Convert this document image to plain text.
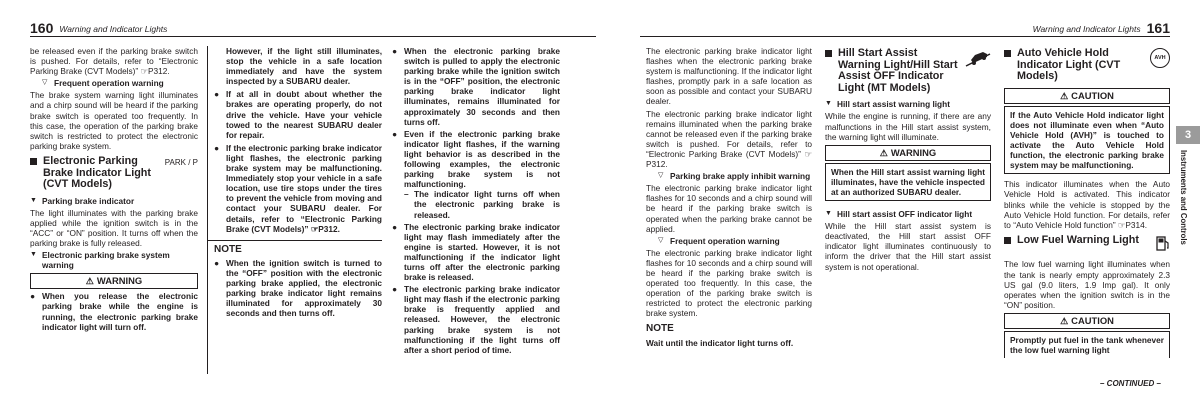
160 Warning and Indicator Lights

be released even if the parking brake switch is pushed. For details, refer to “Electronic Parking Brake (CVT Models)” ☞P312.

▽ Frequent operation warning

The brake system warning light illuminates and a chirp sound will be heard if the parking brake switch is operated too frequently. In this case, the operation of the parking brake switch is restricted to protect the electronic parking brake system.

Electronic Parking Brake Indicator Light (CVT Models)
PARK / P
▼ Parking brake indicator

The light illuminates with the parking brake applied while the ignition switch is in the “ACC” or “ON” position. It turns off when the parking brake is fully released.

▼ Electronic parking brake system warning
⚠ WARNING
● When you release the electronic parking brake while the engine is running, the electronic parking brake indicator light will turn off.
However, if the light still illuminates, stop the vehicle in a safe location immediately and have the system inspected by a SUBARU dealer.
● If at all in doubt about whether the brakes are operating properly, do not drive the vehicle. Have your vehicle towed to the nearest SUBARU dealer for repair.
● If the electronic parking brake indicator light flashes, the electronic parking brake system may be malfunctioning. Immediately stop your vehicle in a safe location, use tire stops under the tires to prevent the vehicle from moving and contact your SUBARU dealer. For details, refer to “Electronic Parking Brake (CVT Models)” ☞P312.
NOTE
● When the ignition switch is turned to the “OFF” position with the electronic parking brake applied, the electronic parking brake indicator light remains illuminated for approximately 30 seconds and then turns off.
● When the electronic parking brake switch is pulled to apply the electronic parking brake while the ignition switch is in the “OFF” position, the electronic parking brake indicator light illuminates, remains illuminated for approximately 30 seconds and then turns off.
● Even if the electronic parking brake indicator light flashes, if the warning light behavior is as described in the following examples, the electronic parking brake system is not malfunctioning.
– The indicator light turns off when the electronic parking brake is released.
● The electronic parking brake indicator light may flash immediately after the engine is started. However, it is not malfunctioning if the indicator light turns off after the electronic parking brake is released.
● The electronic parking brake indicator light may flash if the electronic parking brake is frequently applied and released. However, the electronic parking brake system is not malfunctioning if the light turns off after a short period of time.
Warning and Indicator Lights 161

The electronic parking brake indicator light flashes when the electronic parking brake system is malfunctioning. If the indicator light flashes, promptly park in a safe location as soon as possible and contact your SUBARU dealer.

The electronic parking brake indicator light remains illuminated when the parking brake cannot be released even if the parking brake switch is pushed. For details, refer to “Electronic Parking Brake (CVT Models)” ☞P312.

▽ Parking brake apply inhibit warning

The electronic parking brake indicator light flashes for 10 seconds and a chirp sound will be heard if the parking brake switch is operated when the parking brake cannot be applied.

▽ Frequent operation warning

The electronic parking brake indicator light flashes for 10 seconds and a chirp sound will be heard if the parking brake switch is operated too frequently. In this case, the operation of the parking brake switch is restricted to protect the electronic parking brake system.

NOTE

Wait until the indicator light turns off.

Hill Start Assist Warning Light/Hill Start Assist OFF Indicator Light (MT Models)
▼ Hill start assist warning light

While the engine is running, if there are any malfunctions in the Hill start assist system, the warning light will illuminate.

⚠ WARNING
When the Hill start assist warning light illuminates, have the vehicle inspected at an authorized SUBARU dealer.
▼ Hill start assist OFF indicator light

While the Hill start assist system is deactivated, the Hill start assist OFF indicator light illuminates continuously to inform the driver that the Hill start assist system is not operational.

Auto Vehicle Hold Indicator Light (CVT Models)
AVH
⚠ CAUTION
If the Auto Vehicle Hold indicator light does not illuminate even when “Auto Vehicle Hold (AVH)” is touched to activate the Auto Vehicle Hold function, the electronic parking brake system may be malfunctioning.

This indicator illuminates when the Auto Vehicle Hold is activated. This indicator blinks while the vehicle is stopped by the Auto Vehicle Hold function. For details, refer to “Auto Vehicle Hold function” ☞P314.

Low Fuel Warning Light

The low fuel warning light illuminates when the tank is nearly empty approximately 2.3 US gal (9.0 liters, 1.9 Imp gal). It only operates when the ignition switch is in the “ON” position.

⚠ CAUTION
Promptly put fuel in the tank whenever the low fuel warning light
3
Instruments and Controls
– CONTINUED –
